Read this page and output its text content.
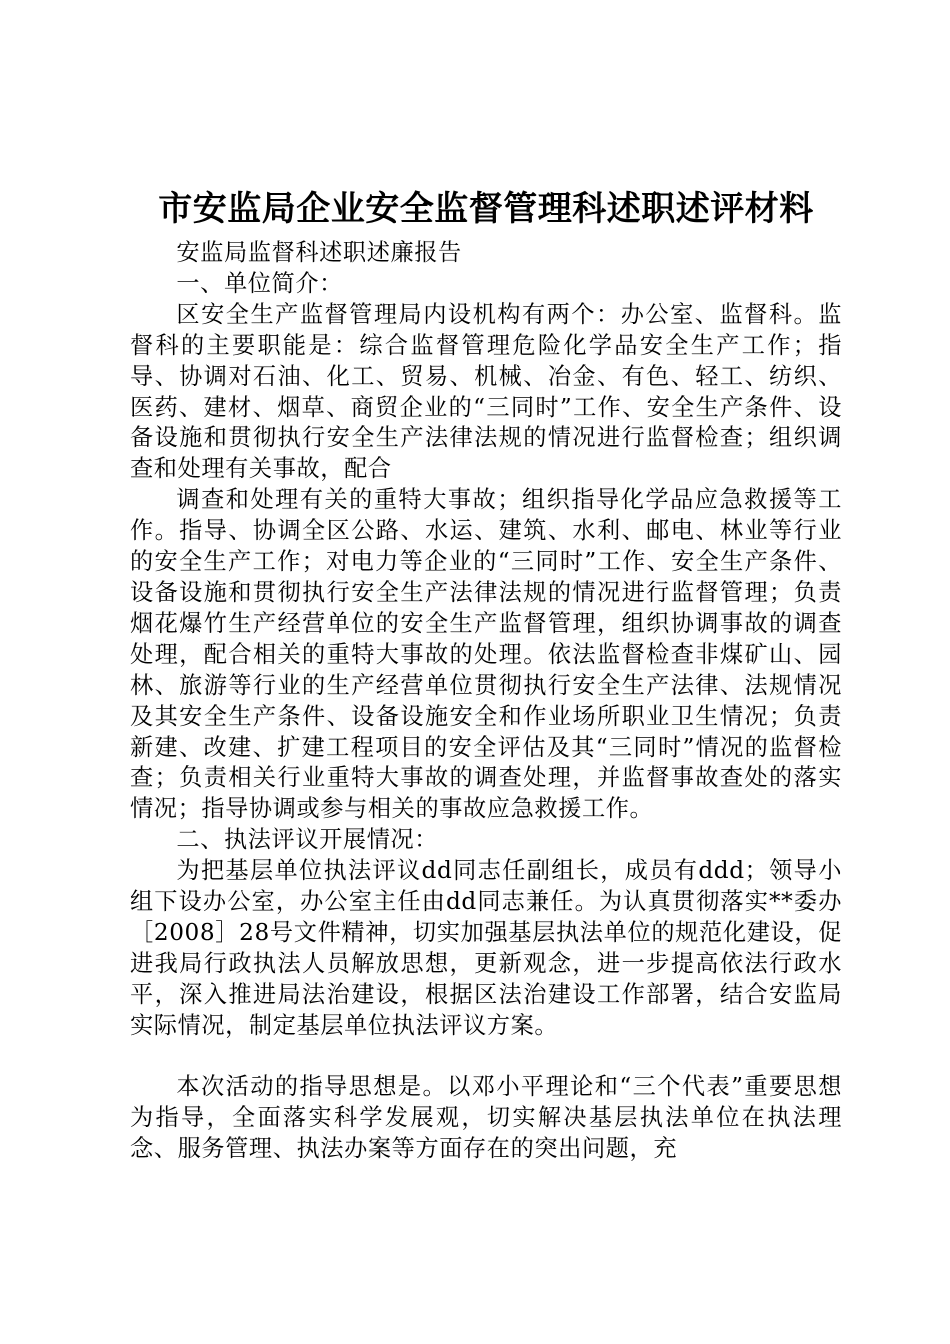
市安监局企业安全监督管理科述职述评材料

安监局监督科述职述廉报告

一、单位简介：

区安全生产监督管理局内设机构有两个：办公室、监督科。监督科的主要职能是：综合监督管理危险化学品安全生产工作；指导、协调对石油、化工、贸易、机械、冶金、有色、轻工、纺织、医药、建材、烟草、商贸企业的“三同时”工作、安全生产条件、设备设施和贯彻执行安全生产法律法规的情况进行监督检查；组织调查和处理有关事故，配合

调查和处理有关的重特大事故；组织指导化学品应急救援等工作。指导、协调全区公路、水运、建筑、水利、邮电、林业等行业的安全生产工作；对电力等企业的“三同时”工作、安全生产条件、设备设施和贯彻执行安全生产法律法规的情况进行监督管理；负责烟花爆竹生产经营单位的安全生产监督管理，组织协调事故的调查处理，配合相关的重特大事故的处理。依法监督检查非煤矿山、园林、旅游等行业的生产经营单位贯彻执行安全生产法律、法规情况及其安全生产条件、设备设施安全和作业场所职业卫生情况；负责新建、改建、扩建工程项目的安全评估及其“三同时”情况的监督检查；负责相关行业重特大事故的调查处理，并监督事故查处的落实情况；指导协调或参与相关的事故应急救援工作。

二、执法评议开展情况：

为把基层单位执法评议dd同志任副组长，成员有ddd；领导小组下设办公室，办公室主任由dd同志兼任。为认真贯彻落实**委办［2008］28号文件精神，切实加强基层执法单位的规范化建设，促进我局行政执法人员解放思想，更新观念，进一步提高依法行政水平，深入推进局法治建设，根据区法治建设工作部署，结合安监局实际情况，制定基层单位执法评议方案。

本次活动的指导思想是。以邓小平理论和“三个代表”重要思想为指导，全面落实科学发展观，切实解决基层执法单位在执法理念、服务管理、执法办案等方面存在的突出问题，充
